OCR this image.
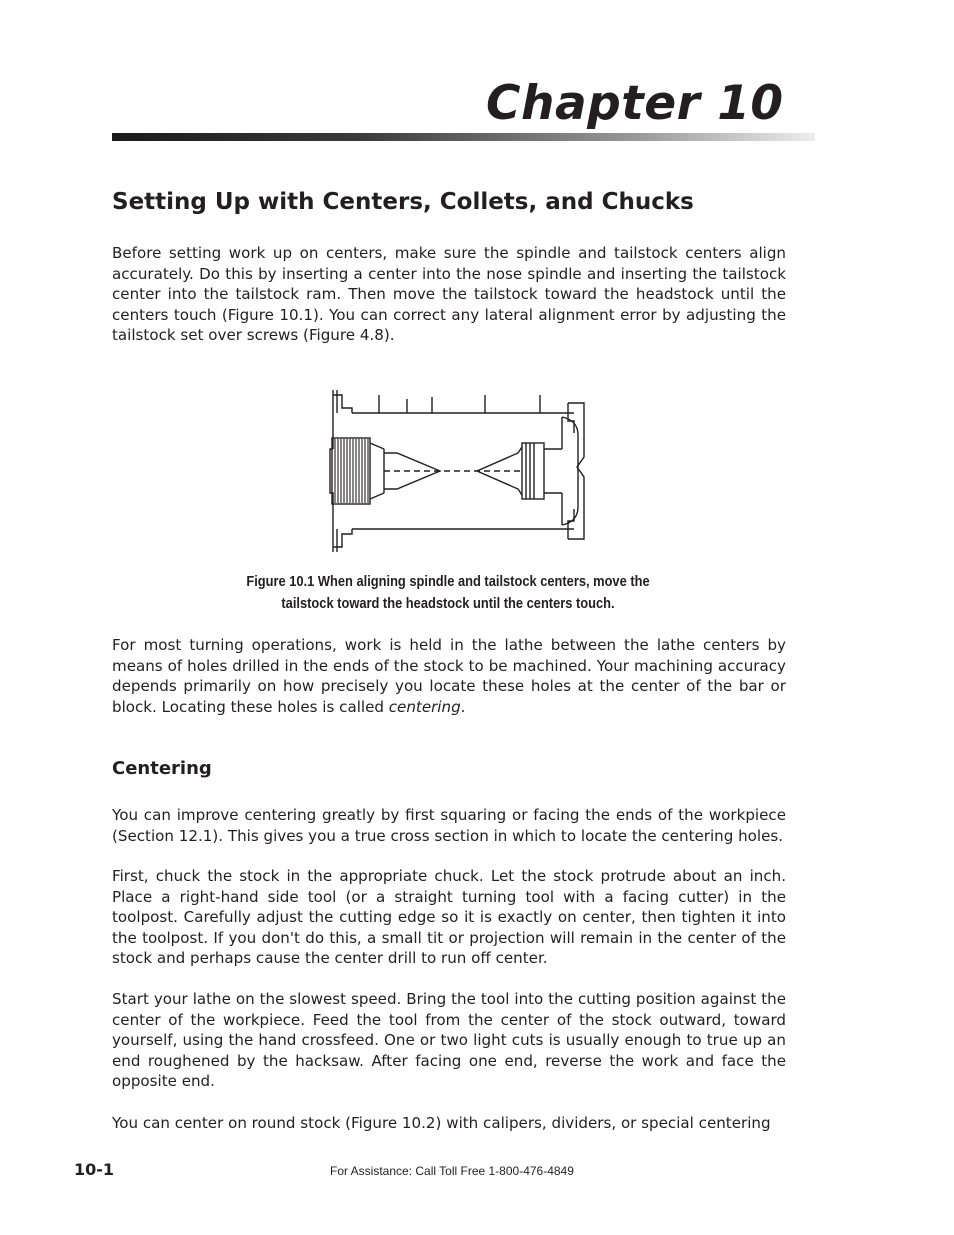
Chapter 10
Setting Up with Centers, Collets, and Chucks

Before setting work up on centers, make sure the spindle and tailstock centers align accurately. Do this by inserting a center into the nose spindle and inserting the tailstock center into the tailstock ram. Then move the tailstock toward the headstock until the centers touch (Figure 10.1). You can correct any lateral alignment error by adjusting the tailstock set over screws (Figure 4.8).

Figure 10.1 When aligning spindle and tailstock centers, move the
tailstock toward the headstock until the centers touch.

For most turning operations, work is held in the lathe between the lathe centers by means of holes drilled in the ends of the stock to be machined. Your machining accuracy depends primarily on how precisely you locate these holes at the center of the bar or block. Locating these holes is called centering.

Centering

You can improve centering greatly by first squaring or facing the ends of the workpiece (Section 12.1). This gives you a true cross section in which to locate the centering holes.

First, chuck the stock in the appropriate chuck. Let the stock protrude about an inch. Place a right-hand side tool (or a straight turning tool with a facing cutter) in the toolpost. Carefully adjust the cutting edge so it is exactly on center, then tighten it into the toolpost. If you don't do this, a small tit or projection will remain in the center of the stock and perhaps cause the center drill to run off center.

Start your lathe on the slowest speed. Bring the tool into the cutting position against the center of the workpiece. Feed the tool from the center of the stock outward, toward yourself, using the hand crossfeed. One or two light cuts is usually enough to true up an end roughened by the hacksaw. After facing one end, reverse the work and face the opposite end.

You can center on round stock (Figure 10.2) with calipers, dividers, or special centering

10-1	For Assistance: Call Toll Free 1-800-476-4849
